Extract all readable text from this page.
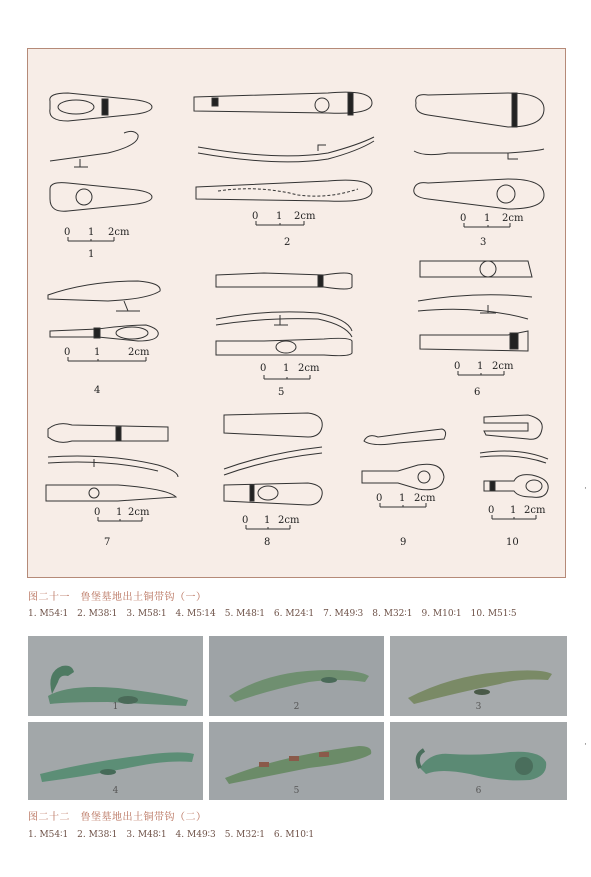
0 1 2cm
0 1 2cm	0 1 2cm
0 1	2cm
0 1 2cm	0 1 2cm
0 1 2cm
0 1 2cm
0 1 2cm
0 1 2cm
1
2	3
4	5	6
7	8	9	10
图二十一　鲁堡墓地出土铜带钩（一）
1. M54∶1　2. M38∶1　3. M58∶1　4. M5∶14　5. M48∶1　6. M24∶1　7. M49∶3　8. M32∶1　9. M10∶1　10. M51∶5
1	2	3
4	5	6
图二十二　鲁堡墓地出土铜带钩（二）
1. M54∶1　2. M38∶1　3. M48∶1　4. M49∶3　5. M32∶1　6. M10∶1
·
·
